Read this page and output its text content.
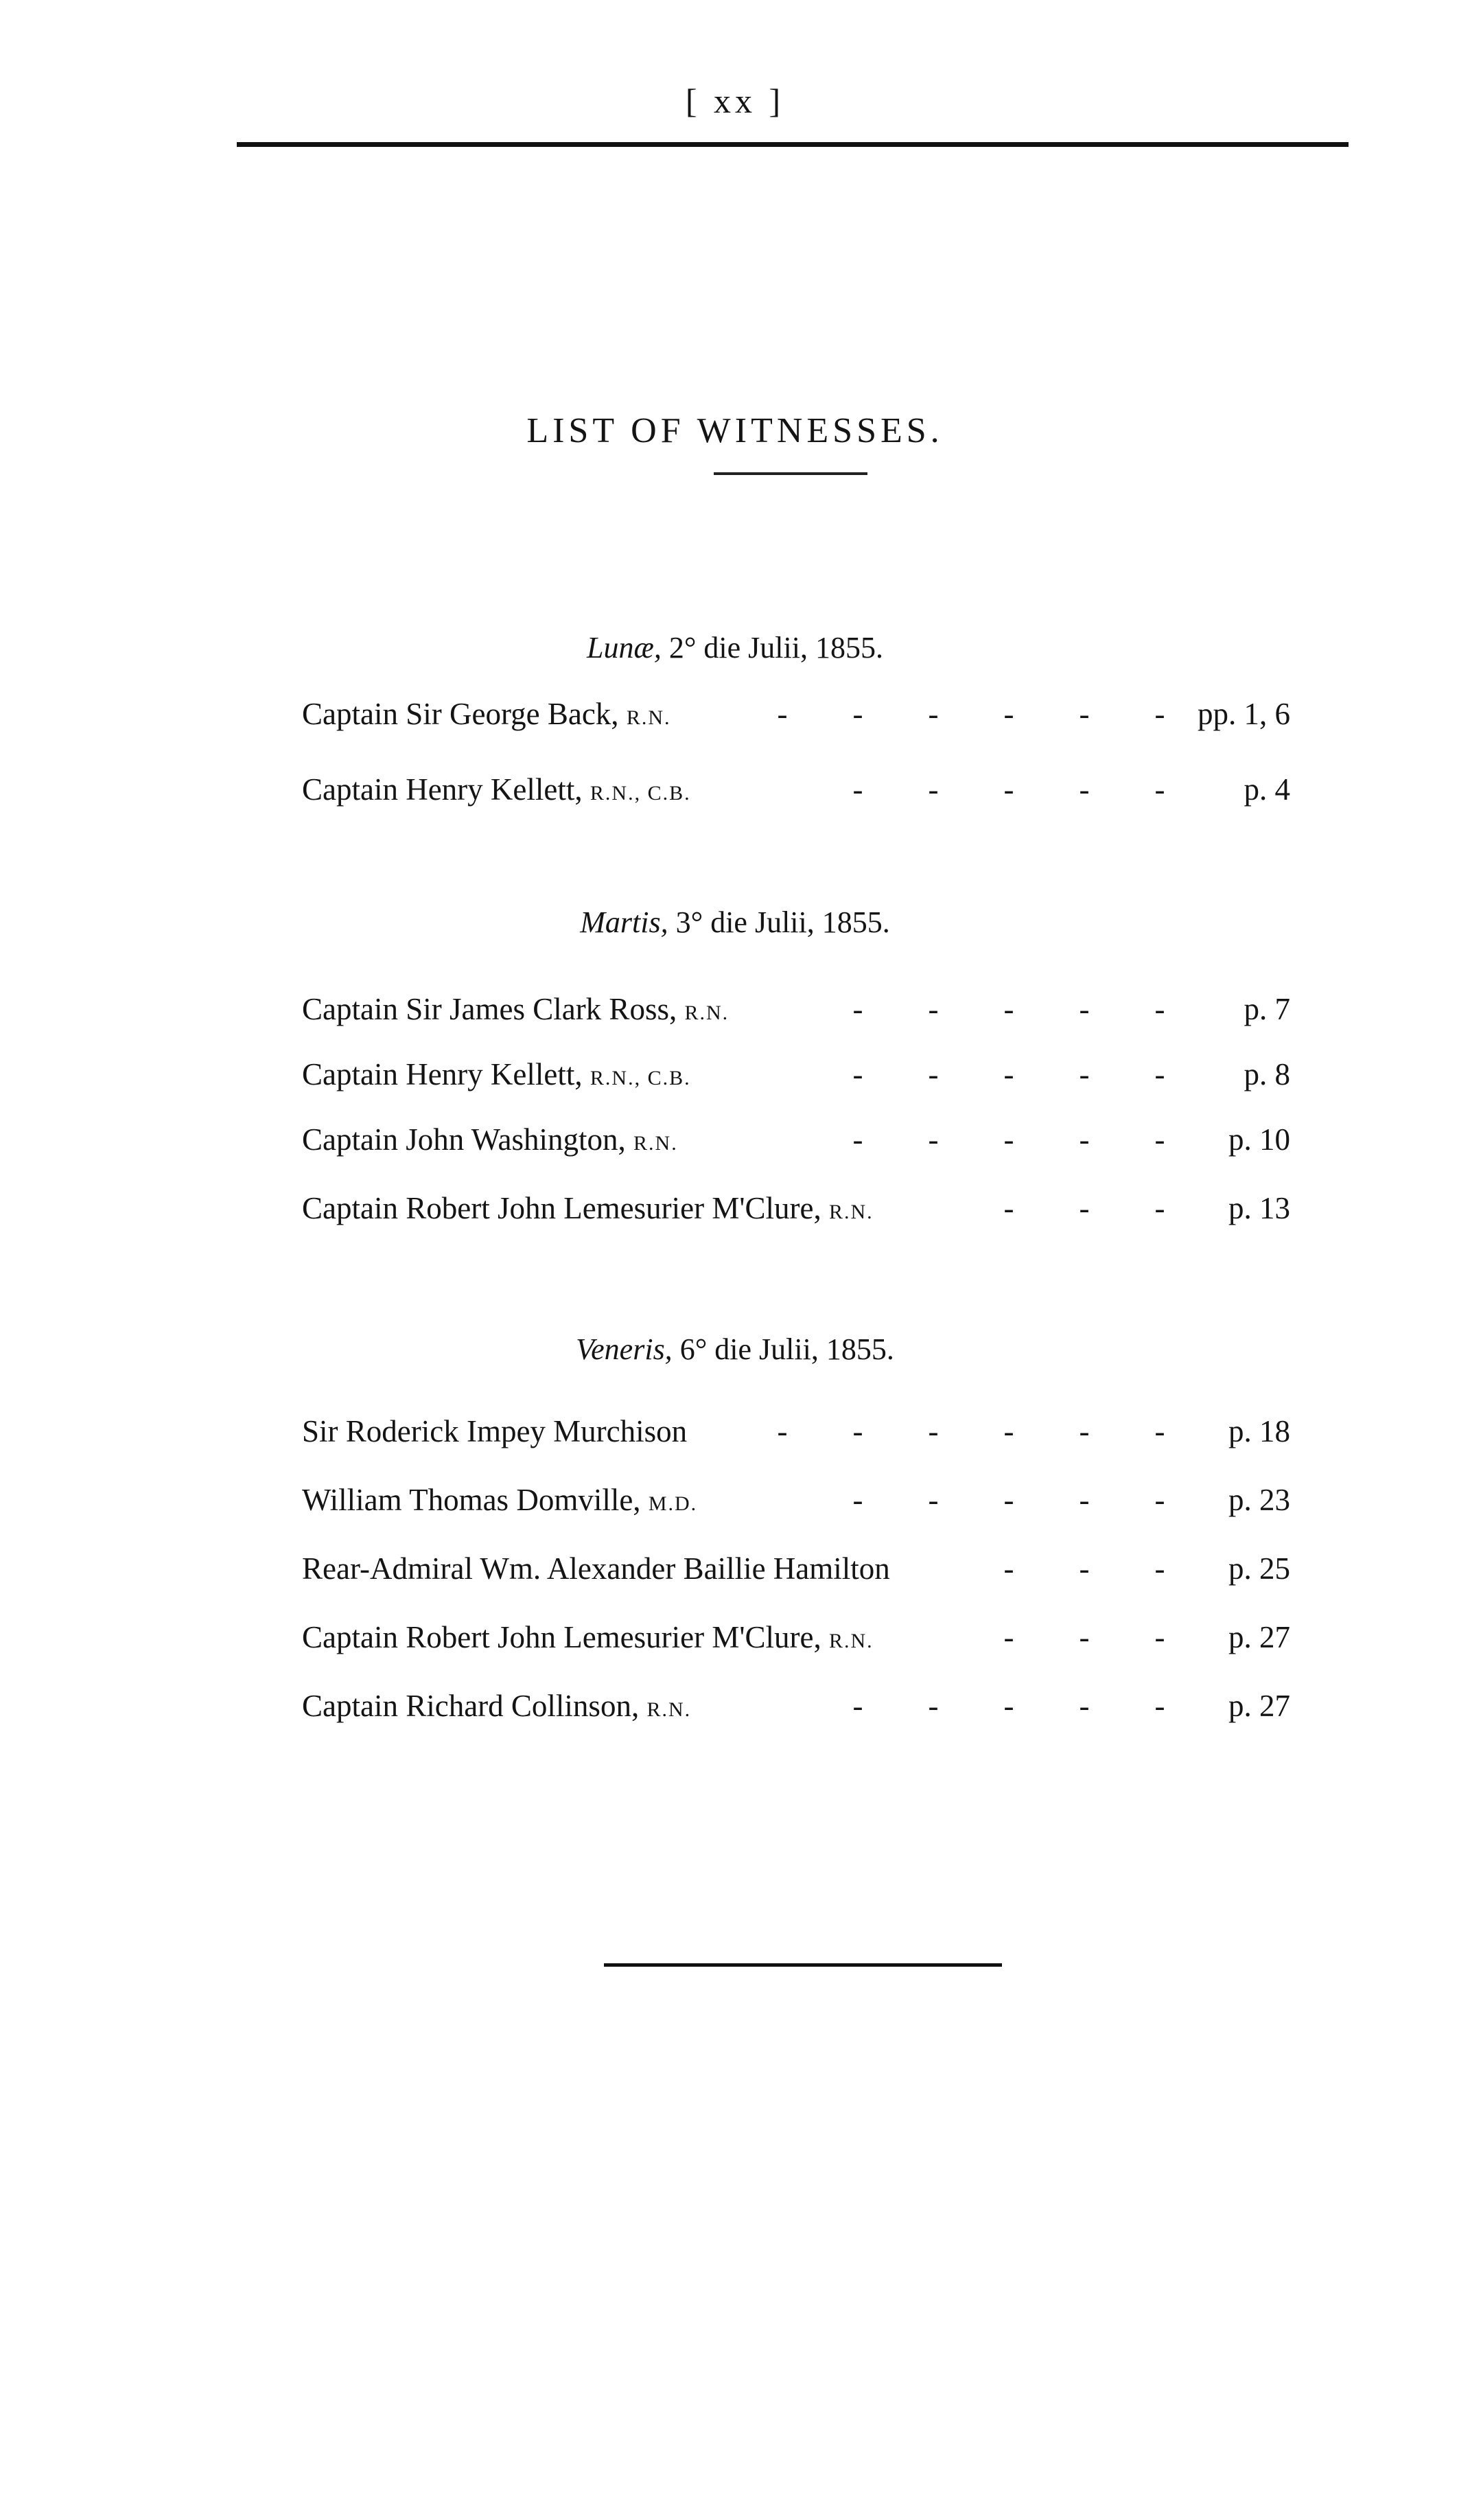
[ xx ]
LIST OF WITNESSES.
Lunæ, 2° die Julii, 1855.
Captain Sir George Back, R.N.	- - - - - - pp. 1, 6
Captain Henry Kellett, R.N., C.B.	- - - - -	p. 4
Martis, 3° die Julii, 1855.
Captain Sir James Clark Ross, R.N.	- - - - -	p. 7
Captain Henry Kellett, R.N., C.B.	- - - - -	p. 8
Captain John Washington, R.N.	- - - - - p. 10
Captain Robert John Lemesurier M'Clure, R.N.	- - - p. 13
Veneris, 6° die Julii, 1855.
Sir Roderick Impey Murchison	- - - - - - p. 18
William Thomas Domville, M.D.	- - - - - p. 23
Rear-Admiral Wm. Alexander Baillie Hamilton	- - - p. 25
Captain Robert John Lemesurier M'Clure, R.N.	- - - p. 27
Captain Richard Collinson, R.N.	- - - - - p. 27
